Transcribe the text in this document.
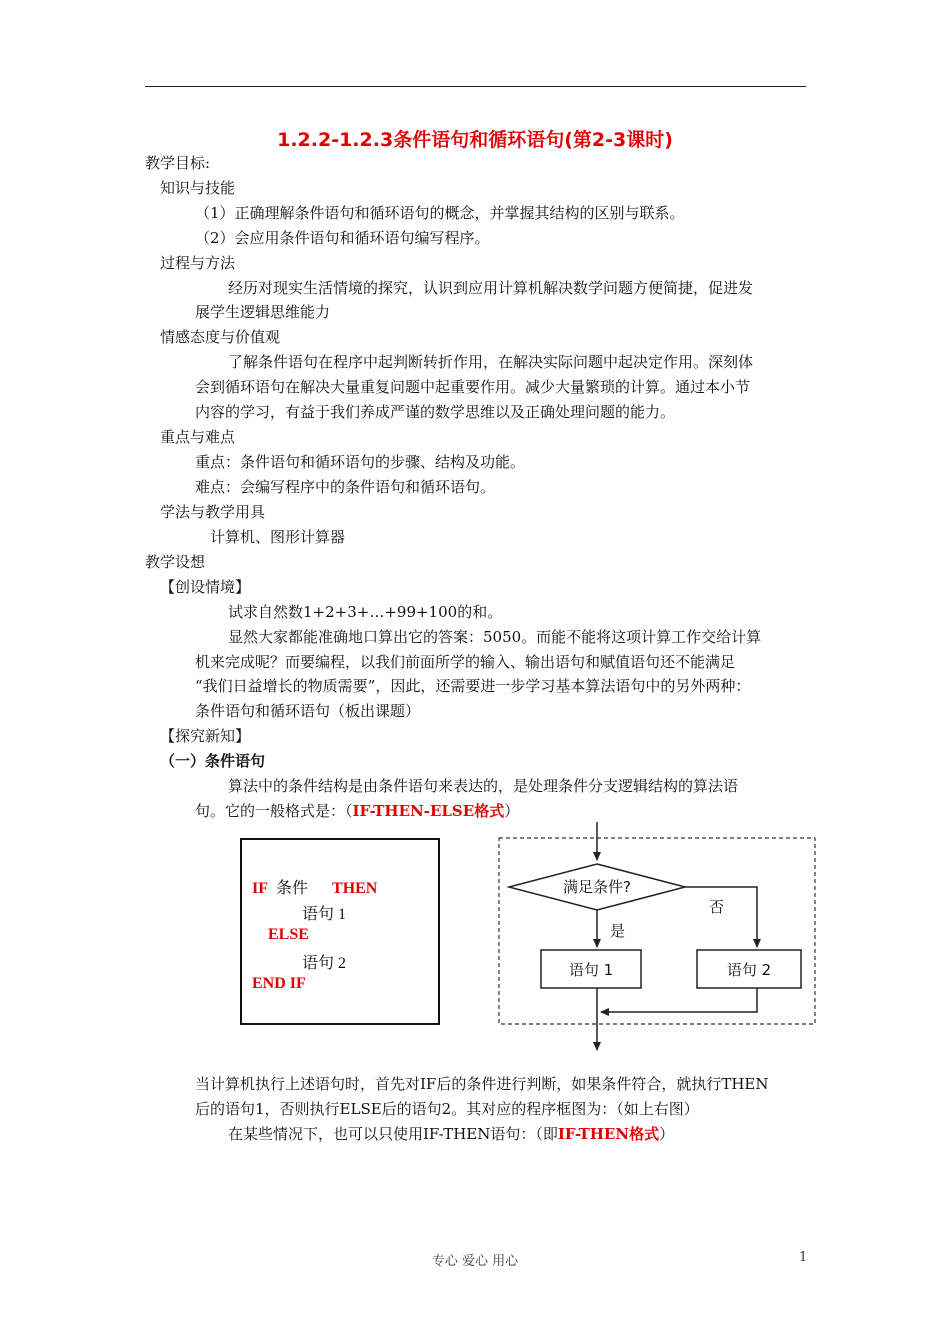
1.2.2-1.2.3条件语句和循环语句(第2-3课时)
教学目标:
知识与技能
（1）正确理解条件语句和循环语句的概念，并掌握其结构的区别与联系。
（2）会应用条件语句和循环语句编写程序。
过程与方法
经历对现实生活情境的探究，认识到应用计算机解决数学问题方便简捷，促进发
展学生逻辑思维能力
情感态度与价值观
了解条件语句在程序中起判断转折作用，在解决实际问题中起决定作用。深刻体
会到循环语句在解决大量重复问题中起重要作用。减少大量繁琐的计算。通过本小节
内容的学习，有益于我们养成严谨的数学思维以及正确处理问题的能力。
重点与难点
重点：条件语句和循环语句的步骤、结构及功能。
难点：会编写程序中的条件语句和循环语句。
学法与教学用具
计算机、图形计算器
教学设想
【创设情境】
试求自然数1+2+3+…+99+100的和。
显然大家都能准确地口算出它的答案：5050。而能不能将这项计算工作交给计算
机来完成呢？而要编程，以我们前面所学的输入、输出语句和赋值语句还不能满足
“我们日益增长的物质需要”，因此，还需要进一步学习基本算法语句中的另外两种：
条件语句和循环语句（板出课题）
【探究新知】
（一）条件语句
算法中的条件结构是由条件语句来表达的，是处理条件分支逻辑结构的算法语
句。它的一般格式是：（IF-THEN-ELSE格式）
IF 条件 THEN
语句 1
ELSE
语句 2
END IF
满足条件?
是
否
语句 1	语句 2
当计算机执行上述语句时，首先对IF后的条件进行判断，如果条件符合，就执行THEN
后的语句1，否则执行ELSE后的语句2。其对应的程序框图为：（如上右图）
在某些情况下，也可以只使用IF-THEN语句：（即IF-THEN格式）
专心 爱心 用心	1
